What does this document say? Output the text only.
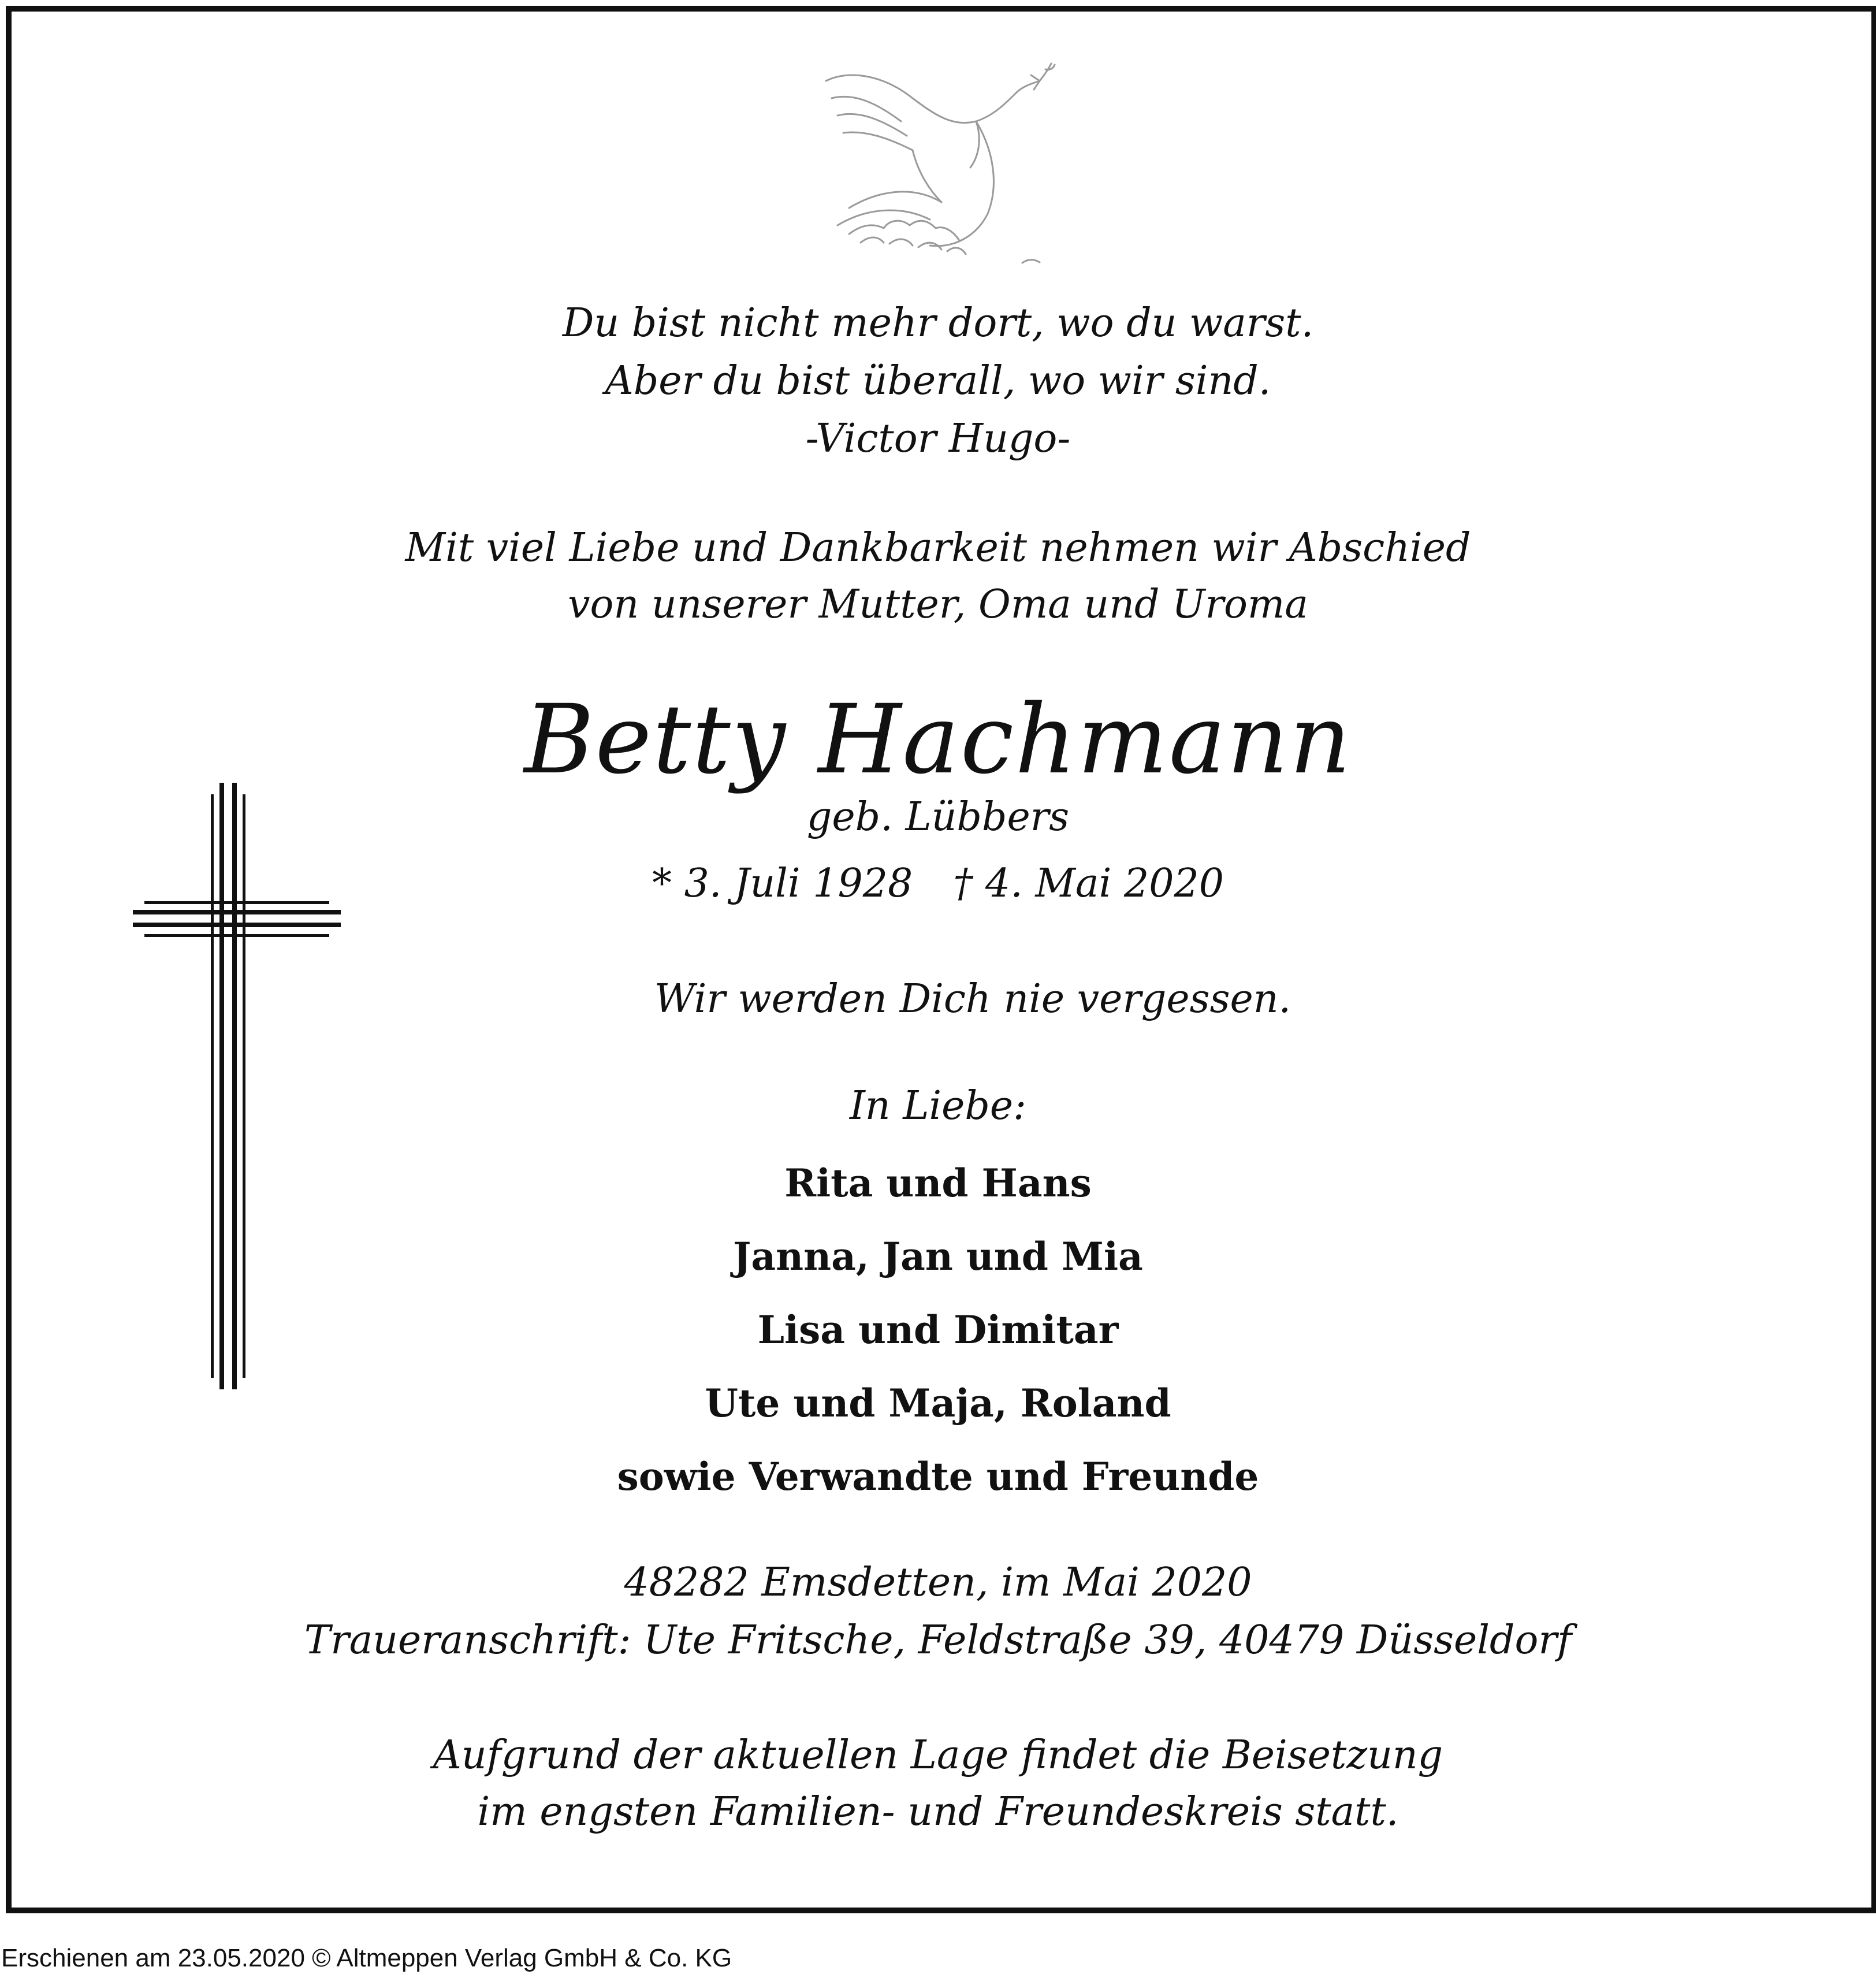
Du bist nicht mehr dort, wo du warst.
Aber du bist überall, wo wir sind.
-Victor Hugo-
Mit viel Liebe und Dankbarkeit nehmen wir Abschied
von unserer Mutter, Oma und Uroma
Betty Hachmann
geb. Lübbers
* 3. Juli 1928 † 4. Mai 2020
Wir werden Dich nie vergessen.
In Liebe:
Rita und Hans
Janna, Jan und Mia
Lisa und Dimitar
Ute und Maja, Roland
sowie Verwandte und Freunde
48282 Emsdetten, im Mai 2020
Traueranschrift: Ute Fritsche, Feldstraße 39, 40479 Düsseldorf
Aufgrund der aktuellen Lage findet die Beisetzung
im engsten Familien- und Freundeskreis statt.
Erschienen am 23.05.2020 © Altmeppen Verlag GmbH & Co. KG
